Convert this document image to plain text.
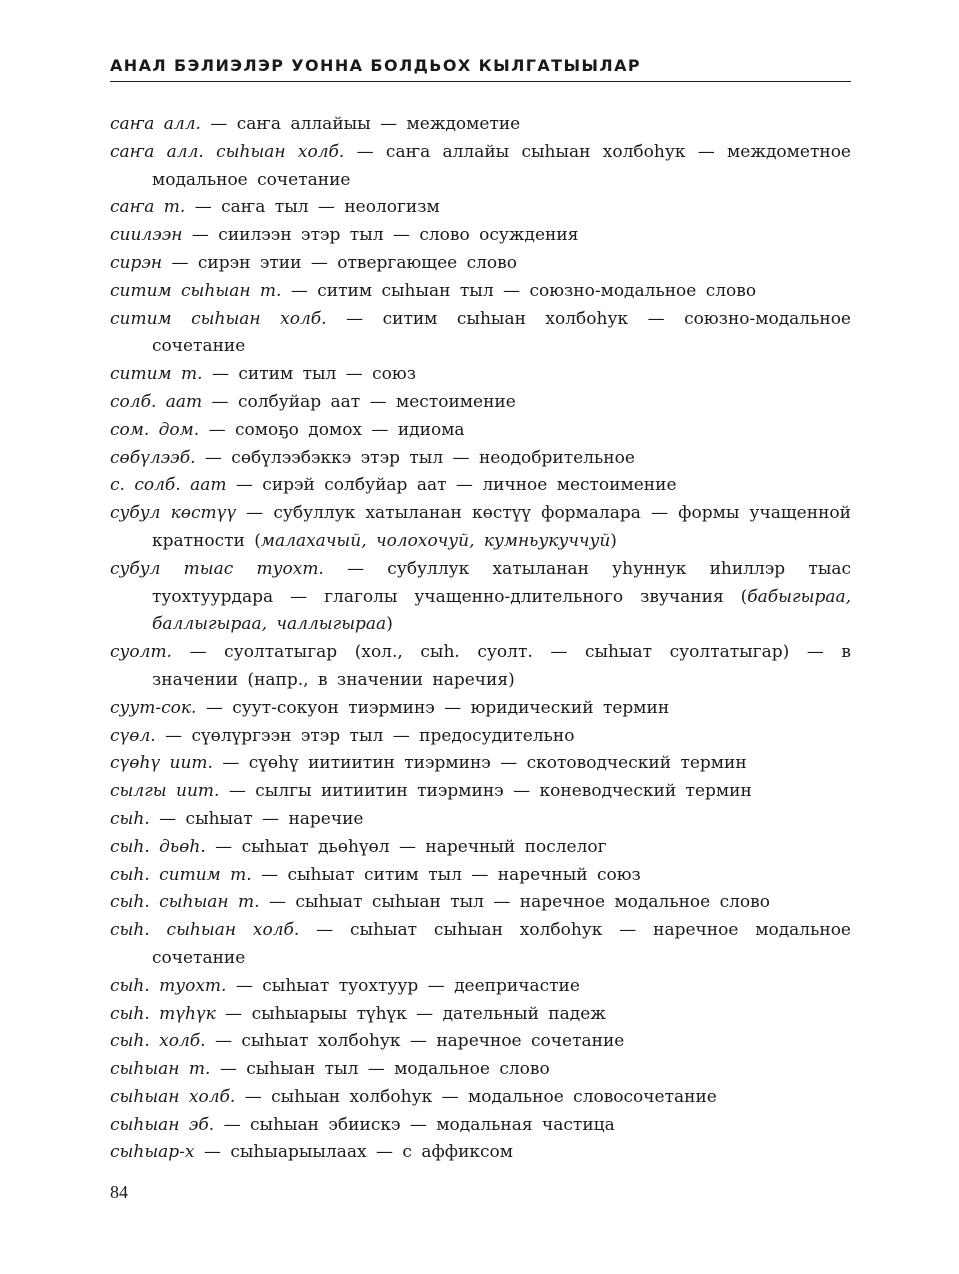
АНАЛ БЭЛИЭЛЭР УОННА БОЛДЬОХ КЫЛГАТЫЫЛАР
саҥа алл. — саҥа аллайыы — междометие
саҥа алл. сыһыан холб. — саҥа аллайы сыһыан холбоһук — междометное модальное сочетание
саҥа т. — саҥа тыл — неологизм
сиилээн — сиилээн этэр тыл — слово осуждения
сирэн — сирэн этии — отвергающее слово
ситим сыһыан т. — ситим сыһыан тыл — союзно-модальное слово
ситим сыһыан холб. — ситим сыһыан холбоһук — союзно-модальное сочетание
ситим т. — ситим тыл — союз
солб. аат — солбуйар аат — местоимение
сом. дом. — сомоҕо домох — идиома
сөбүлээб. — сөбүлээбэккэ этэр тыл — неодобрительное
с. солб. аат — сирэй солбуйар аат — личное местоимение
субул көстүү — субуллук хатыланан көстүү формалара — формы учащенной кратности (малахачый, чолохочуй, кумньукуччуй)
субул тыас туохт. — субуллук хатыланан уһуннук иһиллэр тыас туохтуурдара — глаголы учащенно-длительного звучания (бабыгыраа, баллыгыраа, чаллыгыраа)
суолт. — суолтатыгар (хол., сыһ. суолт. — сыһыат суолтатыгар) — в значении (напр., в значении наречия)
суут-сок. — суут-сокуон тиэрминэ — юридический термин
сүөл. — сүөлүргээн этэр тыл — предосудительно
сүөһү иит. — сүөһү иитиитин тиэрминэ — скотоводческий термин
сылгы иит. — сылгы иитиитин тиэрминэ — коневодческий термин
сыһ. — сыһыат — наречие
сыһ. дьөһ. — сыһыат дьөһүөл — наречный послелог
сыһ. ситим т. — сыһыат ситим тыл — наречный союз
сыһ. сыһыан т. — сыһыат сыһыан тыл — наречное модальное слово
сыһ. сыһыан холб. — сыһыат сыһыан холбоһук — наречное модальное сочетание
сыһ. туохт. — сыһыат туохтуур — деепричастие
сыһ. түһүк — сыһыарыы түһүк — дательный падеж
сыһ. холб. — сыһыат холбоһук — наречное сочетание
сыһыан т. — сыһыан тыл — модальное слово
сыһыан холб. — сыһыан холбоһук — модальное словосочетание
сыһыан эб. — сыһыан эбиискэ — модальная частица
сыһыар-х — сыһыарыылаах — с аффиксом
84
